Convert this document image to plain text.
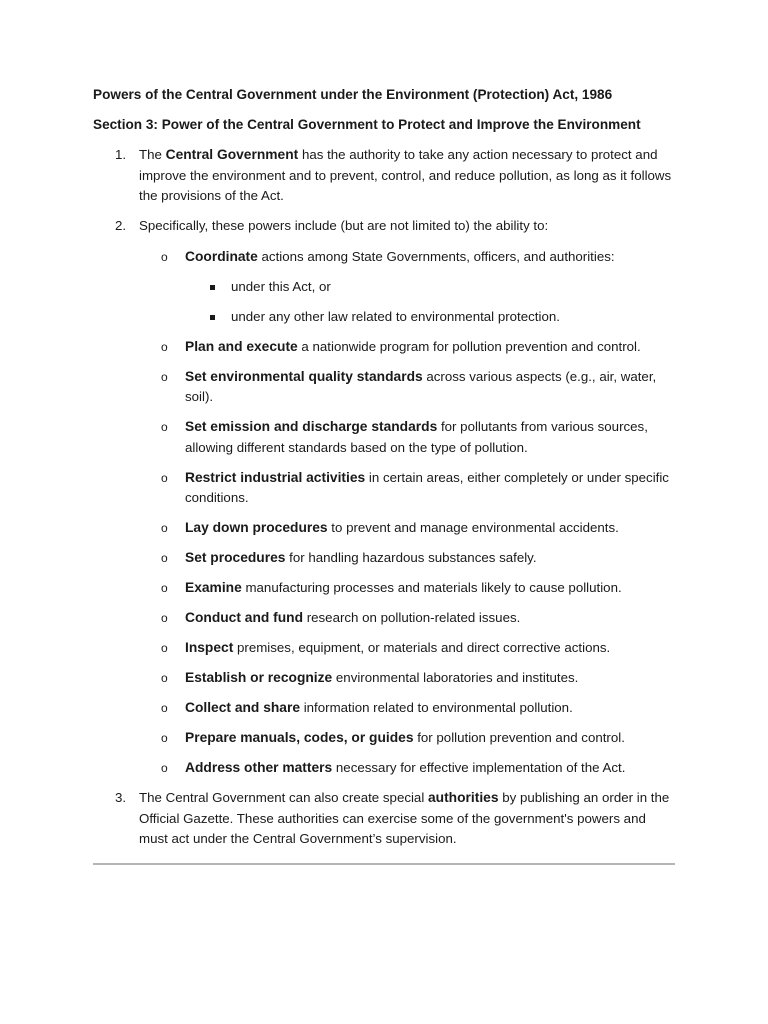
Powers of the Central Government under the Environment (Protection) Act, 1986
Section 3: Power of the Central Government to Protect and Improve the Environment
1. The Central Government has the authority to take any action necessary to protect and improve the environment and to prevent, control, and reduce pollution, as long as it follows the provisions of the Act.
2. Specifically, these powers include (but are not limited to) the ability to:
o Coordinate actions among State Governments, officers, and authorities:
under this Act, or
under any other law related to environmental protection.
o Plan and execute a nationwide program for pollution prevention and control.
o Set environmental quality standards across various aspects (e.g., air, water, soil).
o Set emission and discharge standards for pollutants from various sources, allowing different standards based on the type of pollution.
o Restrict industrial activities in certain areas, either completely or under specific conditions.
o Lay down procedures to prevent and manage environmental accidents.
o Set procedures for handling hazardous substances safely.
o Examine manufacturing processes and materials likely to cause pollution.
o Conduct and fund research on pollution-related issues.
o Inspect premises, equipment, or materials and direct corrective actions.
o Establish or recognize environmental laboratories and institutes.
o Collect and share information related to environmental pollution.
o Prepare manuals, codes, or guides for pollution prevention and control.
o Address other matters necessary for effective implementation of the Act.
3. The Central Government can also create special authorities by publishing an order in the Official Gazette. These authorities can exercise some of the government's powers and must act under the Central Government’s supervision.
